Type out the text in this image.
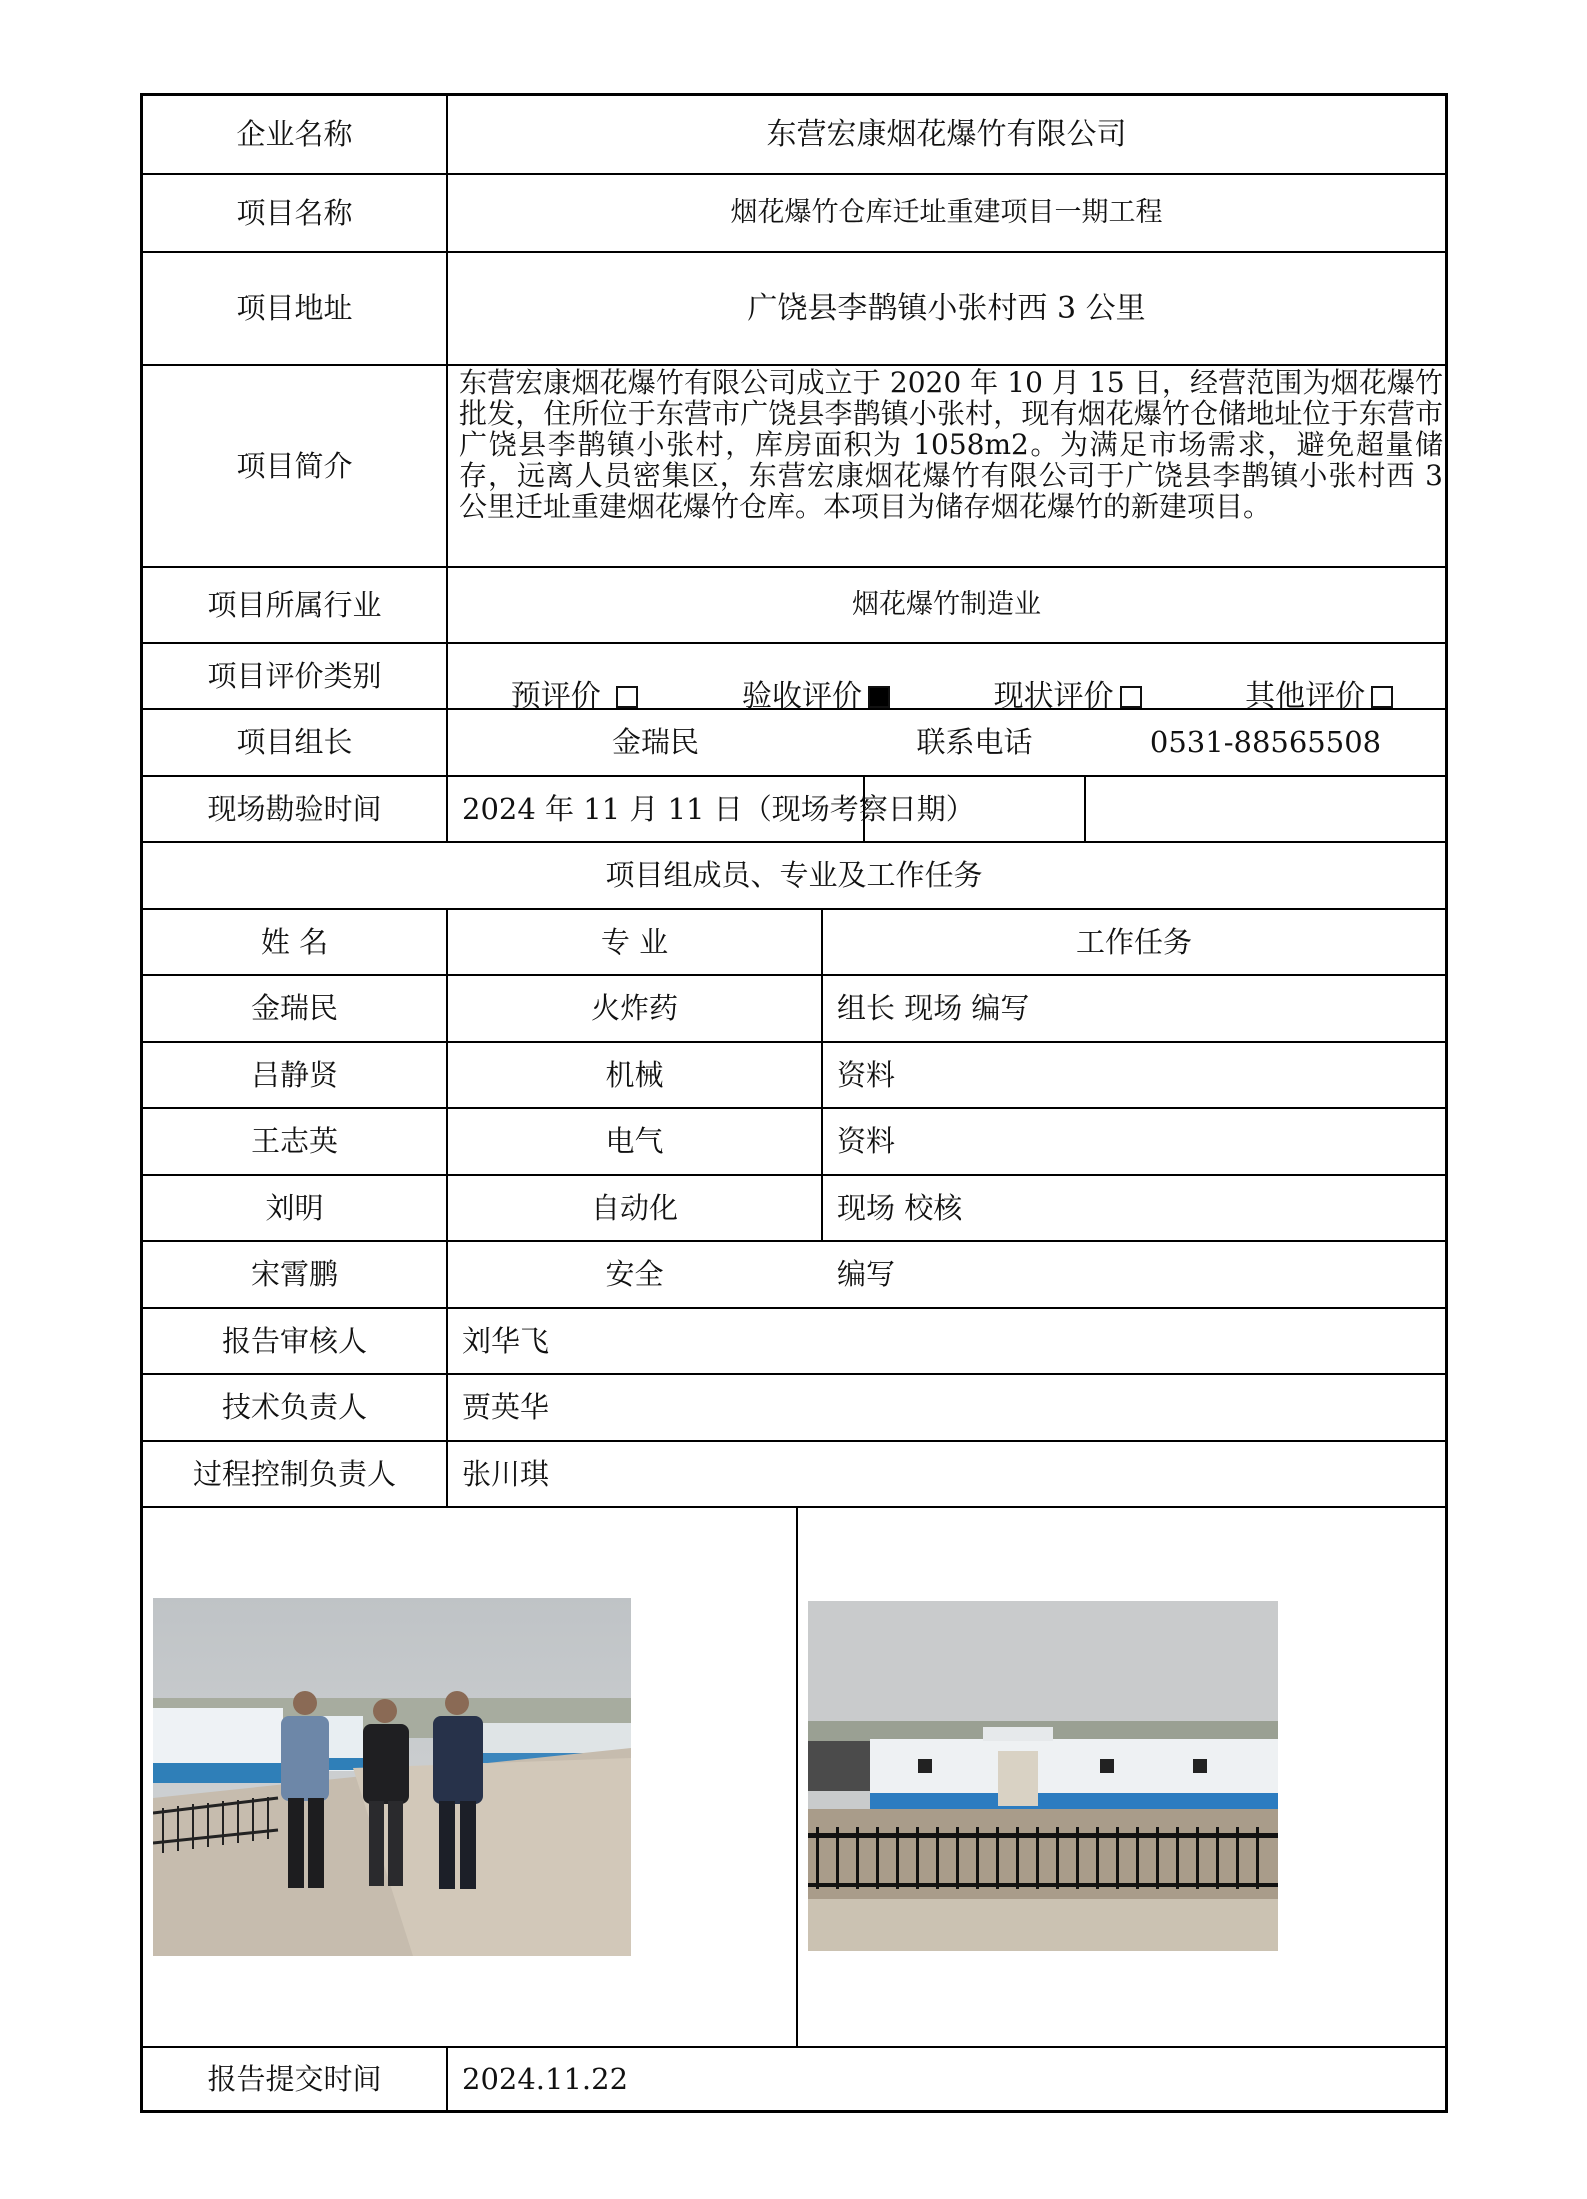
企业名称	东营宏康烟花爆竹有限公司
项目名称	烟花爆竹仓库迁址重建项目一期工程
项目地址	广饶县李鹊镇小张村西 3 公里
项目简介
东营宏康烟花爆竹有限公司成立于 2020 年 10 月 15 日，经营范围为烟花爆竹批发，住所位于东营市广饶县李鹊镇小张村，现有烟花爆竹仓储地址位于东营市广饶县李鹊镇小张村，库房面积为 1058m2。为满足市场需求，避免超量储存，远离人员密集区，东营宏康烟花爆竹有限公司于广饶县李鹊镇小张村西 3 公里迁址重建烟花爆竹仓库。本项目为储存烟花爆竹的新建项目。
项目所属行业	烟花爆竹制造业
项目评价类别
预评价	验收评价	现状评价	其他评价
项目组长	金瑞民	联系电话	0531-88565508
现场勘验时间	2024 年 11 月 11 日（现场考察日期）
项目组成员、专业及工作任务
姓 名	专 业	工作任务
金瑞民	火炸药	组长 现场 编写
吕静贤	机械	资料
王志英	电气	资料
刘明	自动化	现场 校核
宋霄鹏	安全	编写
报告审核人	刘华飞
技术负责人	贾英华
过程控制负责人	张川琪
报告提交时间	2024.11.22
